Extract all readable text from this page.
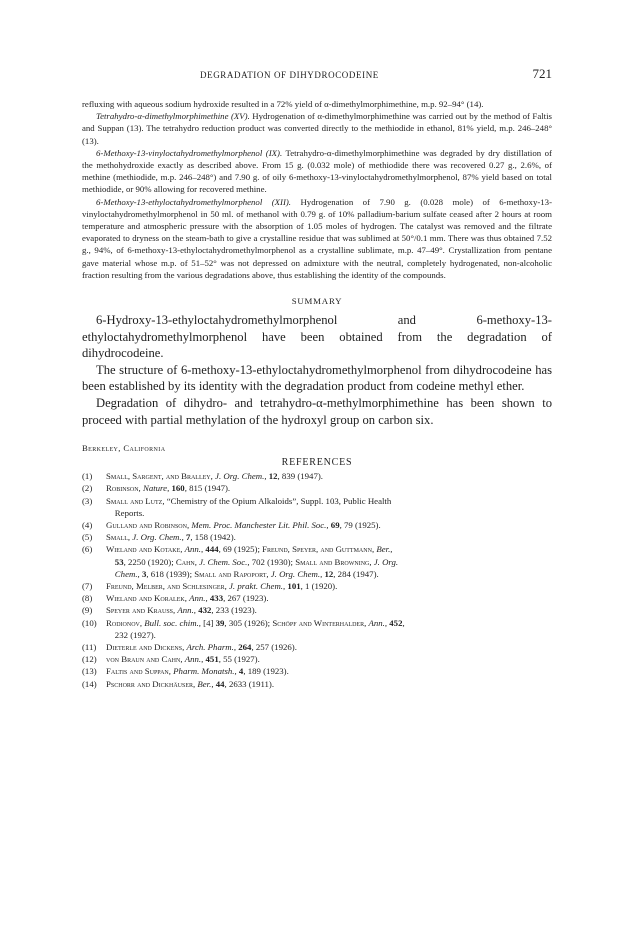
DEGRADATION OF DIHYDROCODEINE	721

refluxing with aqueous sodium hydroxide resulted in a 72% yield of α-dimethylmorphimethine, m.p. 92–94° (14).

Tetrahydro-α-dimethylmorphimethine (XV). Hydrogenation of α-dimethylmorphimethine was carried out by the method of Faltis and Suppan (13). The tetrahydro reduction product was converted directly to the methiodide in ethanol, 81% yield, m.p. 246–248° (13).

6-Methoxy-13-vinyloctahydromethylmorphenol (IX). Tetrahydro-α-dimethylmorphimethine was degraded by dry distillation of the methohydroxide exactly as described above. From 15 g. (0.032 mole) of methiodide there was recovered 0.27 g., 2.6%, of methine (methiodide, m.p. 246–248°) and 7.90 g. of oily 6-methoxy-13-vinyloctahydromethylmorphenol, 87% yield based on total methiodide, or 90% allowing for recovered methine.

6-Methoxy-13-ethyloctahydromethylmorphenol (XII). Hydrogenation of 7.90 g. (0.028 mole) of 6-methoxy-13-vinyloctahydromethylmorphenol in 50 ml. of methanol with 0.79 g. of 10% palladium-barium sulfate ceased after 2 hours at room temperature and atmospheric pressure with the absorption of 1.05 moles of hydrogen. The catalyst was removed and the filtrate evaporated to dryness on the steam-bath to give a crystalline residue that was sublimed at 50°/0.1 mm. There was thus obtained 7.52 g., 94%, of 6-methoxy-13-ethyloctahydromethylmorphenol as a crystalline sublimate, m.p. 47–49°. Crystallization from pentane gave material whose m.p. of 51–52° was not depressed on admixture with the neutral, completely hydrogenated, non-alcoholic fraction resulting from the various degradations above, thus establishing the identity of the compounds.

SUMMARY

6-Hydroxy-13-ethyloctahydromethylmorphenol and 6-methoxy-13-ethyloctahydromethylmorphenol have been obtained from the degradation of dihydrocodeine.

The structure of 6-methoxy-13-ethyloctahydromethylmorphenol from dihydrocodeine has been established by its identity with the degradation product from codeine methyl ether.

Degradation of dihydro- and tetrahydro-α-methylmorphimethine has been shown to proceed with partial methylation of the hydroxyl group on carbon six.

Berkeley, California
REFERENCES
(1)	Small, Sargent, and Bralley, J. Org. Chem., 12, 839 (1947).
(2)	Robinson, Nature, 160, 815 (1947).
(3)	Small and Lutz, “Chemistry of the Opium Alkaloids”, Suppl. 103, Public Health
Reports.
(4)	Gulland and Robinson, Mem. Proc. Manchester Lit. Phil. Soc., 69, 79 (1925).
(5)	Small, J. Org. Chem., 7, 158 (1942).
(6)	Wieland and Kotake, Ann., 444, 69 (1925); Freund, Speyer, and Guttmann, Ber.,
53, 2250 (1920); Cahn, J. Chem. Soc., 702 (1930); Small and Browning, J. Org.
Chem., 3, 618 (1939); Small and Rapoport, J. Org. Chem., 12, 284 (1947).
(7)	Freund, Melber, and Schlesinger, J. prakt. Chem., 101, 1 (1920).
(8)	Wieland and Koralek, Ann., 433, 267 (1923).
(9)	Speyer and Krauss, Ann., 432, 233 (1923).
(10)	Rodionov, Bull. soc. chim., [4] 39, 305 (1926); Schöpf and Winterhalder, Ann., 452,
232 (1927).
(11)	Dieterle and Dickens, Arch. Pharm., 264, 257 (1926).
(12)	von Braun and Cahn, Ann., 451, 55 (1927).
(13)	Faltis and Suppan, Pharm. Monatsh., 4, 189 (1923).
(14)	Pschorr and Dickhäuser, Ber., 44, 2633 (1911).
